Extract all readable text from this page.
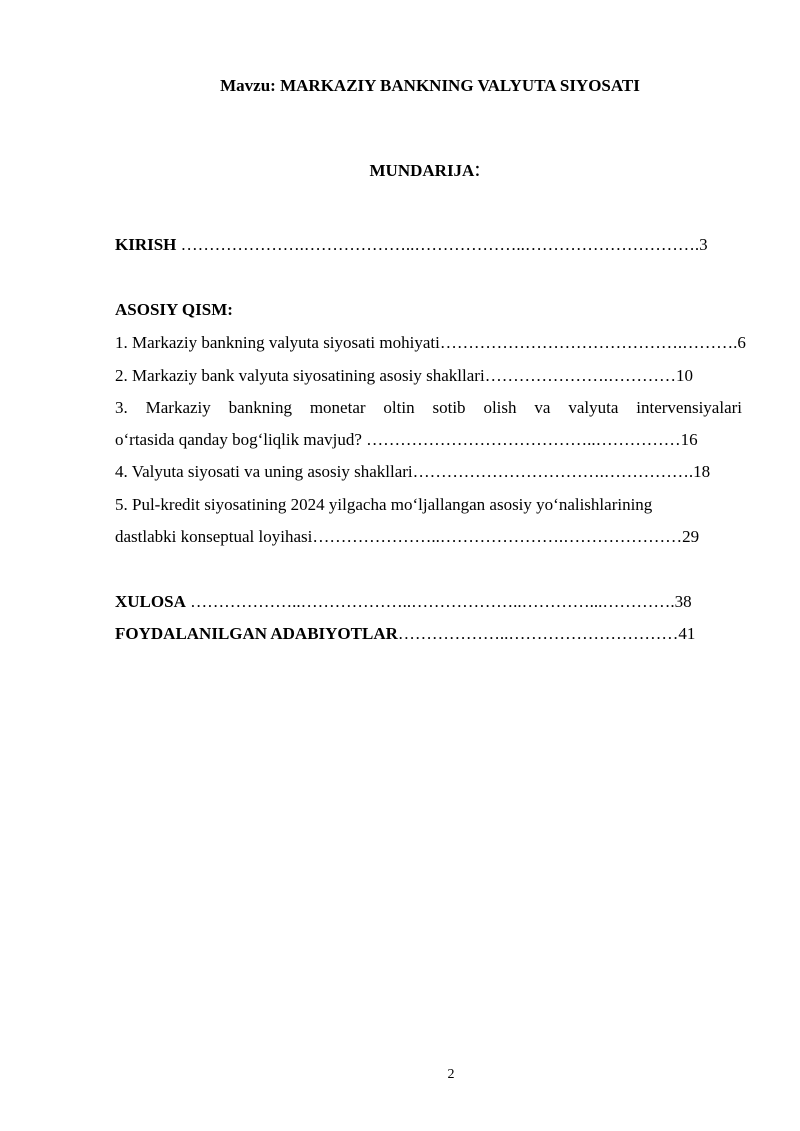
Mavzu: MARKAZIY BANKNING VALYUTA SIYOSATI
MUNDARIJA:
KIRISH ………………….………………..………………..………………………….3
ASOSIY QISM:
1. Markaziy bankning valyuta siyosati mohiyati…………………………………….……….6
2. Markaziy bank valyuta siyosatining asosiy shakllari………………….…………10
3. Markaziy bankning monetar oltin sotib olish va valyuta intervensiyalari
o‘rtasida qanday bog‘liqlik mavjud? …………………………………..……………16
4. Valyuta siyosati va uning asosiy shakllari…………………………….…………….18
5. Pul-kredit siyosatining 2024 yilgacha mo‘ljallangan asosiy yo‘nalishlarining
dastlabki konseptual loyihasi…………………..………………….…………………29
XULOSA ………………..………………..………………..…………...………….38
FOYDALANILGAN ADABIYOTLAR………………..…………………………41
2
